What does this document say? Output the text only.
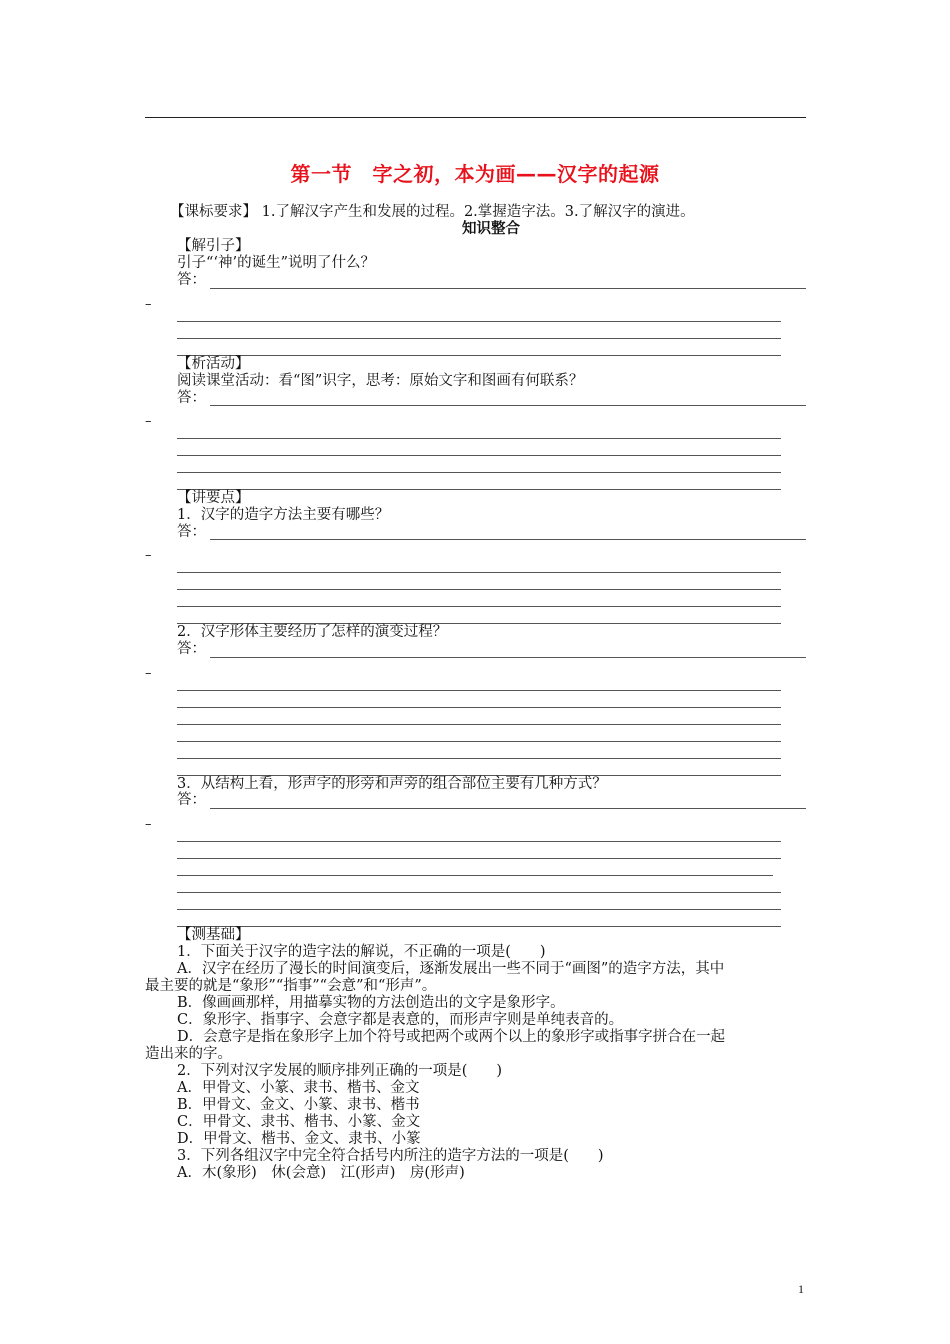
第一节　字之初，本为画——汉字的起源
【课标要求】 1.了解汉字产生和发展的过程。2.掌握造字法。3.了解汉字的演进。
知识整合
【解引子】
引子“‘神’的诞生”说明了什么？
答：
–
【析活动】
阅读课堂活动：看“图”识字，思考：原始文字和图画有何联系？
答：
–
【讲要点】
1．汉字的造字方法主要有哪些？
答：
–
2．汉字形体主要经历了怎样的演变过程？
答：
–
3．从结构上看，形声字的形旁和声旁的组合部位主要有几种方式？
答：
–
【测基础】
1．下面关于汉字的造字法的解说，不正确的一项是(　　)
A．汉字在经历了漫长的时间演变后，逐渐发展出一些不同于“画图”的造字方法，其中
最主要的就是“象形”“指事”“会意”和“形声”。
B．像画画那样，用描摹实物的方法创造出的文字是象形字。
C．象形字、指事字、会意字都是表意的，而形声字则是单纯表音的。
D．会意字是指在象形字上加个符号或把两个或两个以上的象形字或指事字拼合在一起
造出来的字。
2．下列对汉字发展的顺序排列正确的一项是(　　)
A．甲骨文、小篆、隶书、楷书、金文
B．甲骨文、金文、小篆、隶书、楷书
C．甲骨文、隶书、楷书、小篆、金文
D．甲骨文、楷书、金文、隶书、小篆
3．下列各组汉字中完全符合括号内所注的造字方法的一项是(　　)
A．木(象形)　休(会意)　江(形声)　房(形声)
1
